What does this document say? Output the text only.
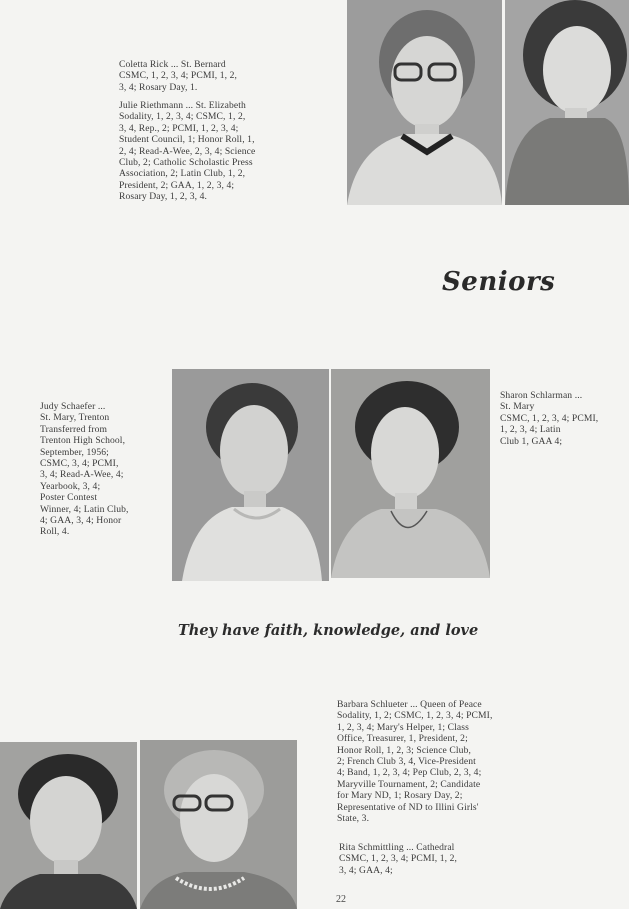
Coletta Rick ... St. Bernard
CSMC, 1, 2, 3, 4; PCMI, 1, 2,
3, 4; Rosary Day, 1.
Julie Riethmann ... St. Elizabeth
Sodality, 1, 2, 3, 4; CSMC, 1, 2,
3, 4, Rep., 2; PCMI, 1, 2, 3, 4;
Student Council, 1; Honor Roll, 1,
2, 4; Read-A-Wee, 2, 3, 4; Science
Club, 2; Catholic Scholastic Press
Association, 2; Latin Club, 1, 2,
President, 2; GAA, 1, 2, 3, 4;
Rosary Day, 1, 2, 3, 4.
Seniors
Judy Schaefer ...
St. Mary, Trenton
Transferred from
Trenton High School,
September, 1956;
CSMC, 3, 4; PCMI,
3, 4; Read-A-Wee, 4;
Yearbook, 3, 4;
Poster Contest
Winner, 4; Latin Club,
4; GAA, 3, 4; Honor
Roll, 4.
Sharon Schlarman ...
St. Mary
CSMC, 1, 2, 3, 4; PCMI,
1, 2, 3, 4; Latin
Club 1, GAA 4;
They have faith, knowledge, and love
Barbara Schlueter ... Queen of Peace
Sodality, 1, 2; CSMC, 1, 2, 3, 4; PCMI,
1, 2, 3, 4; Mary's Helper, 1; Class
Office, Treasurer, 1, President, 2;
Honor Roll, 1, 2, 3; Science Club,
2; French Club 3, 4, Vice-President
4; Band, 1, 2, 3, 4; Pep Club, 2, 3, 4;
Maryville Tournament, 2; Candidate
for Mary ND, 1; Rosary Day, 2;
Representative of ND to Illini Girls'
State, 3.
Rita Schmittling ... Cathedral
CSMC, 1, 2, 3, 4; PCMI, 1, 2,
3, 4; GAA, 4;
22
